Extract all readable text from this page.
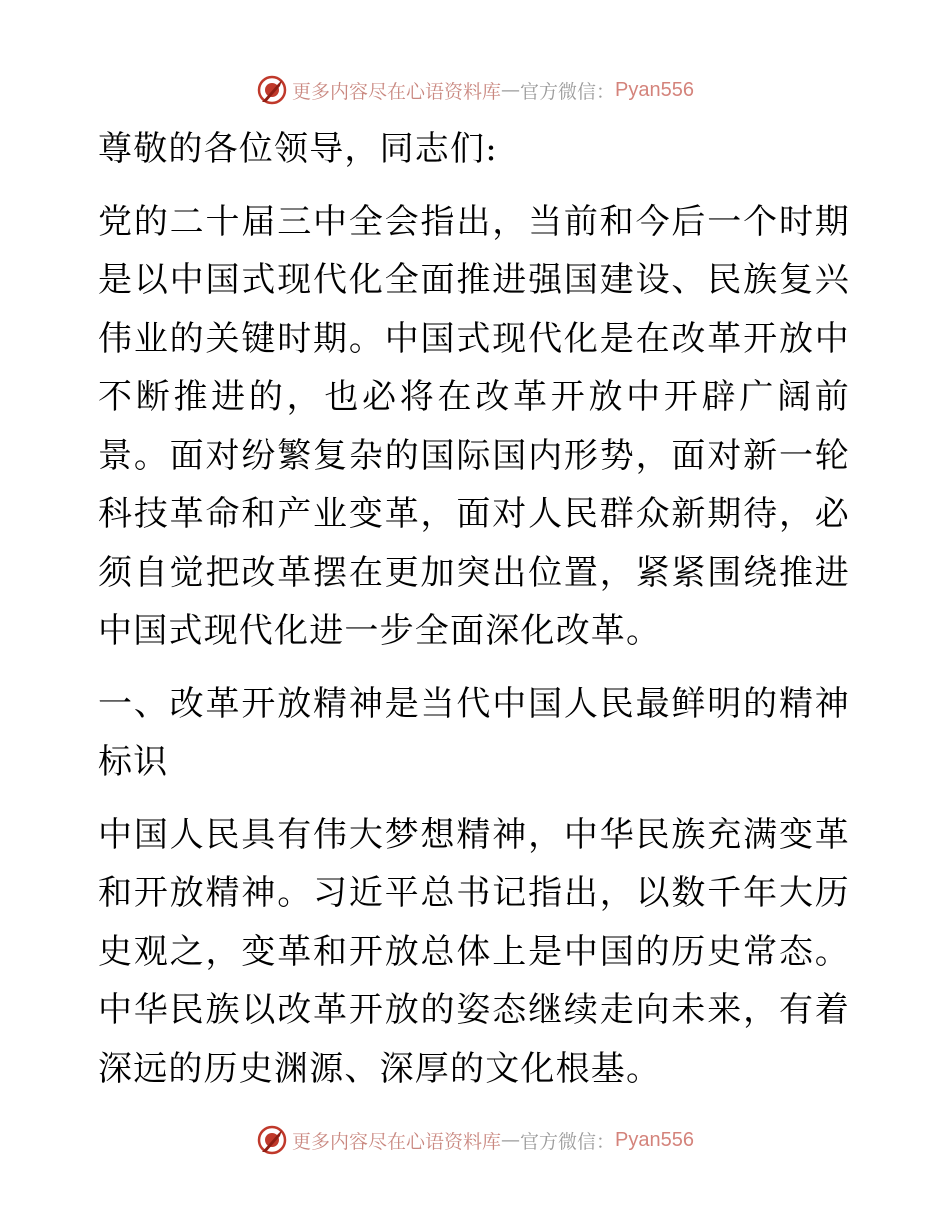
更多内容尽在心语资料库 — 官方微信： Pyan556

尊敬的各位领导，同志们:

党的二十届三中全会指出，当前和今后一个时期是以中国式现代化全面推进强国建设、民族复兴伟业的关键时期。中国式现代化是在改革开放中不断推进的，也必将在改革开放中开辟广阔前景。面对纷繁复杂的国际国内形势，面对新一轮科技革命和产业变革，面对人民群众新期待，必须自觉把改革摆在更加突出位置，紧紧围绕推进中国式现代化进一步全面深化改革。

一、改革开放精神是当代中国人民最鲜明的精神标识

中国人民具有伟大梦想精神，中华民族充满变革和开放精神。习近平总书记指出，以数千年大历史观之，变革和开放总体上是中国的历史常态。中华民族以改革开放的姿态继续走向未来，有着深远的历史渊源、深厚的文化根基。

更多内容尽在心语资料库 — 官方微信： Pyan556
